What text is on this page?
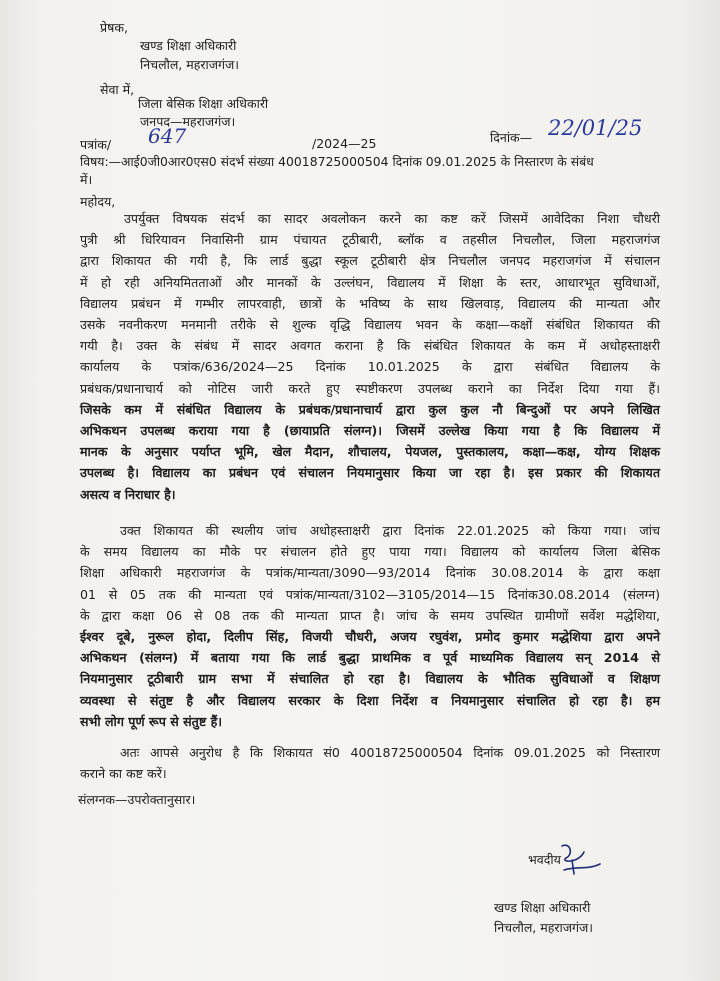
प्रेषक,
खण्ड शिक्षा अधिकारी
निचलौल, महराजगंज।
सेवा में,
जिला बेसिक शिक्षा अधिकारी
जनपद—महराजगंज।
पत्रांक/ 647	/2024—25	दिनांक— 22/01/25
विषय:—आई0जी0आर0एस0 संदर्भ संख्या 40018725000504 दिनांक 09.01.2025 के निस्तारण के संबंध
में।
महोदय,
उपर्युक्त विषयक संदर्भ का सादर अवलोकन करने का कष्ट करें जिसमें आवेदिका निशा चौधरी
पुत्री श्री धिरियावन निवासिनी ग्राम पंचायत टूठीबारी, ब्लॉक व तहसील निचलौल, जिला महराजगंज
द्वारा शिकायत की गयी है, कि लार्ड बुद्धा स्कूल टूठीबारी क्षेत्र निचलौल जनपद महराजगंज में संचालन
में हो रही अनियमितताओं और मानकों के उल्लंघन, विद्यालय में शिक्षा के स्तर, आधारभूत सुविधाओं,
विद्यालय प्रबंधन में गम्भीर लापरवाही, छात्रों के भविष्य के साथ खिलवाड़, विद्यालय की मान्यता और
उसके नवनीकरण मनमानी तरीके से शुल्क वृद्धि विद्यालय भवन के कक्षा—कक्षों संबंधित शिकायत की
गयी है। उक्त के संबंध में सादर अवगत कराना है कि संबंधित शिकायत के कम में अधोहस्ताक्षरी
कार्यालय के पत्रांक/636/2024—25 दिनांक 10.01.2025 के द्वारा संबंधित विद्यालय के
प्रबंधक/प्रधानाचार्य को नोटिस जारी करते हुए स्पष्टीकरण उपलब्ध कराने का निर्देश दिया गया हैं।
जिसके कम में संबंधित विद्यालय के प्रबंधक/प्रधानाचार्य द्वारा कुल कुल नौ बिन्दुओं पर अपने लिखित
अभिकथन उपलब्ध कराया गया है (छायाप्रति संलग्न)। जिसमें उल्लेख किया गया है कि विद्यालय में
मानक के अनुसार पर्याप्त भूमि, खेल मैदान, शौचालय, पेयजल, पुस्तकालय, कक्षा—कक्ष, योग्य शिक्षक
उपलब्ध है। विद्यालय का प्रबंधन एवं संचालन नियमानुसार किया जा रहा है। इस प्रकार की शिकायत
असत्य व निराधार है।
उक्त शिकायत की स्थलीय जांच अधोहस्ताक्षरी द्वारा दिनांक 22.01.2025 को किया गया। जांच
के समय विद्यालय का मौके पर संचालन होते हुए पाया गया। विद्यालय को कार्यालय जिला बेसिक
शिक्षा अधिकारी महराजगंज के पत्रांक/मान्यता/3090—93/2014 दिनांक 30.08.2014 के द्वारा कक्षा
01 से 05 तक की मान्यता एवं पत्रांक/मान्यता/3102—3105/2014—15 दिनांक30.08.2014 (संलग्न)
के द्वारा कक्षा 06 से 08 तक की मान्यता प्राप्त है। जांच के समय उपस्थित ग्रामीणों सर्वेश मद्धेशिया,
ईश्वर दूबे, नुरूल होदा, दिलीप सिंह, विजयी चौधरी, अजय रघुवंश, प्रमोद कुमार मद्धेशिया द्वारा अपने
अभिकथन (संलग्न) में बताया गया कि लार्ड बुद्धा प्राथमिक व पूर्व माध्यमिक विद्यालय सन् 2014 से
नियमानुसार टूठीबारी ग्राम सभा में संचालित हो रहा है। विद्यालय के भौतिक सुविधाओं व शिक्षण
व्यवस्था से संतुष्ट है और विद्यालय सरकार के दिशा निर्देश व नियमानुसार संचालित हो रहा है। हम
सभी लोग पूर्ण रूप से संतुष्ट हैं।
अतः आपसे अनुरोध है कि शिकायत सं0 40018725000504 दिनांक 09.01.2025 को निस्तारण
कराने का कष्ट करें।
संलग्नक—उपरोक्तानुसार।
भवदीय
खण्ड शिक्षा अधिकारी
निचलौल, महराजगंज।
